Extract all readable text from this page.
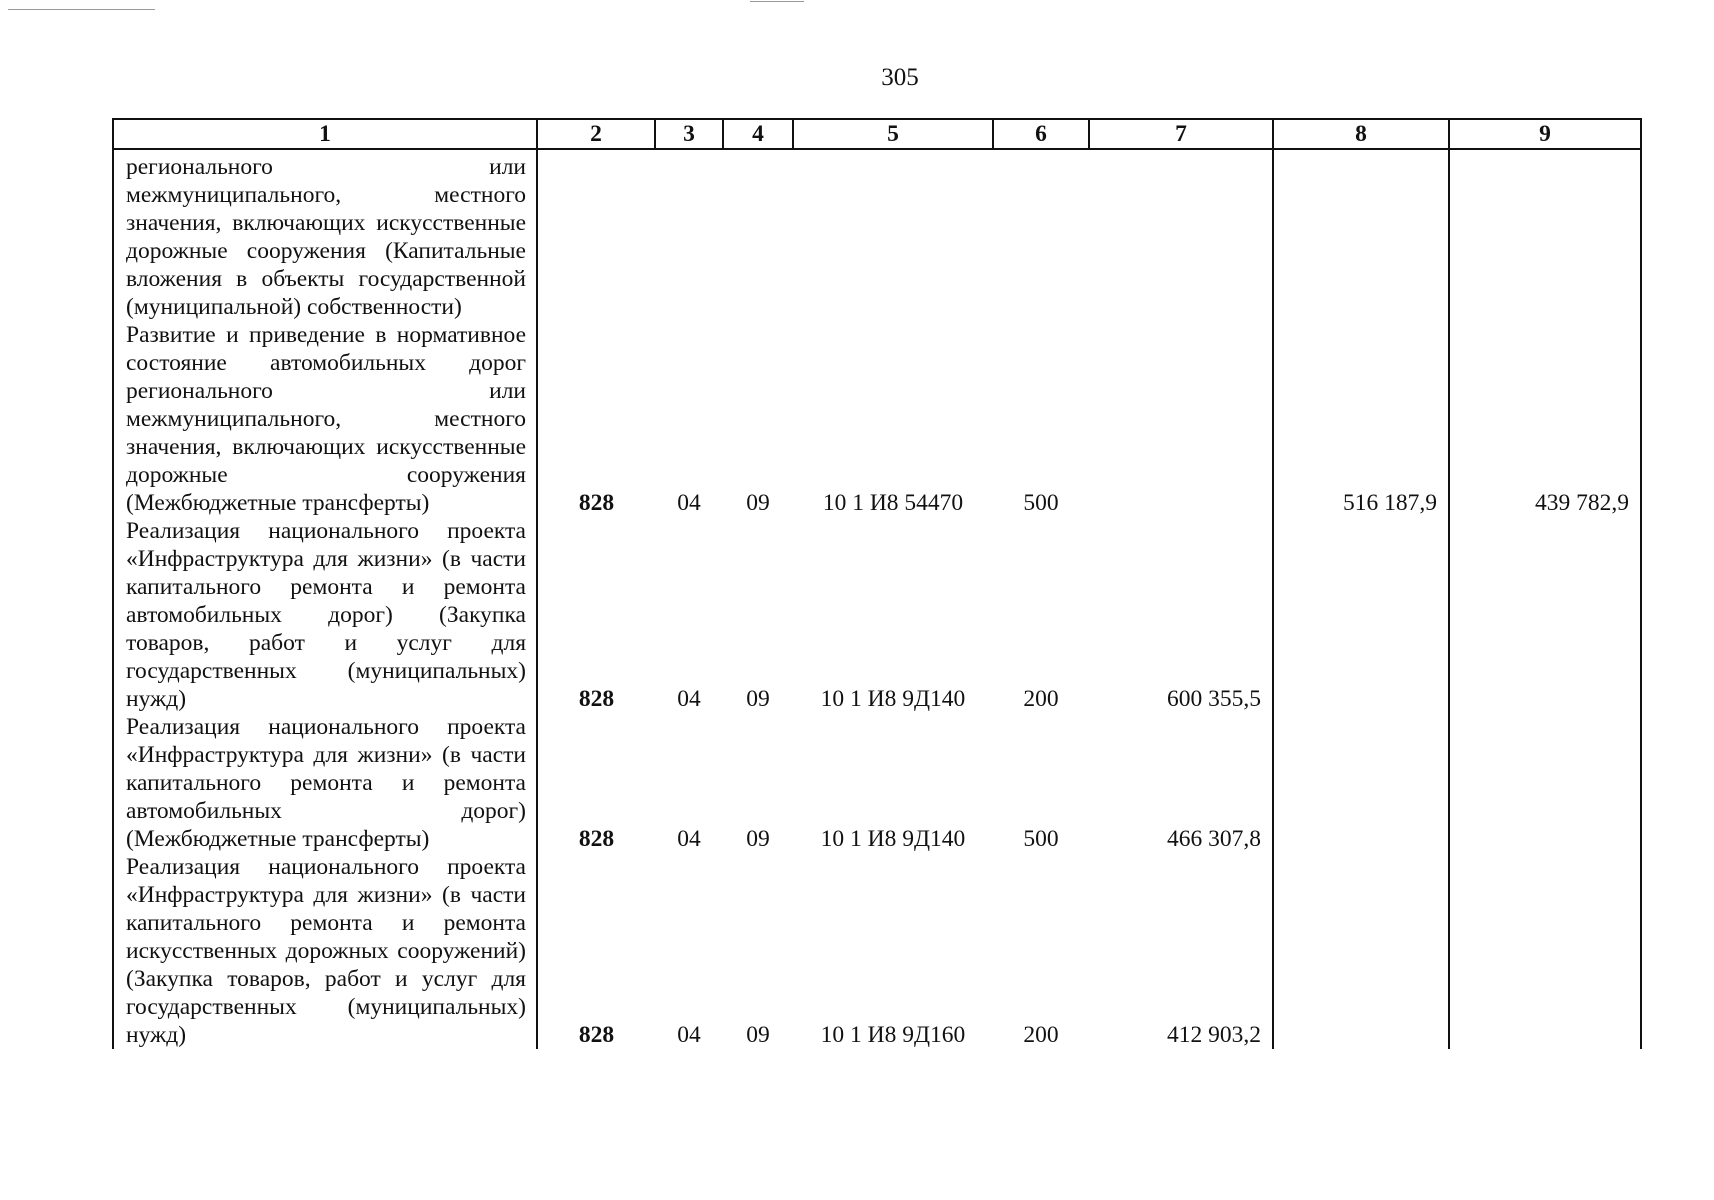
305
1	2	3	4	5	6	7	8	9
регионального или межмуниципального, местного значения, включающих искусственные дорожные сооружения (Капитальные вложения в объекты государственной (муниципальной) собственности)								
Развитие и приведение в нормативное состояние автомобильных дорог регионального или межмуниципального, местного значения, включающих искусственные дорожные сооружения (Межбюджетные трансферты)	828	04	09	10 1 И8 54470	500		516 187,9	439 782,9
Реализация национального проекта «Инфраструктура для жизни» (в части капитального ремонта и ремонта автомобильных дорог) (Закупка товаров, работ и услуг для государственных (муниципальных) нужд)	828	04	09	10 1 И8 9Д140	200	600 355,5		
Реализация национального проекта «Инфраструктура для жизни» (в части капитального ремонта и ремонта автомобильных дорог) (Межбюджетные трансферты)	828	04	09	10 1 И8 9Д140	500	466 307,8		
Реализация национального проекта «Инфраструктура для жизни» (в части капитального ремонта и ремонта искусственных дорожных сооружений) (Закупка товаров, работ и услуг для государственных (муниципальных) нужд)	828	04	09	10 1 И8 9Д160	200	412 903,2		
